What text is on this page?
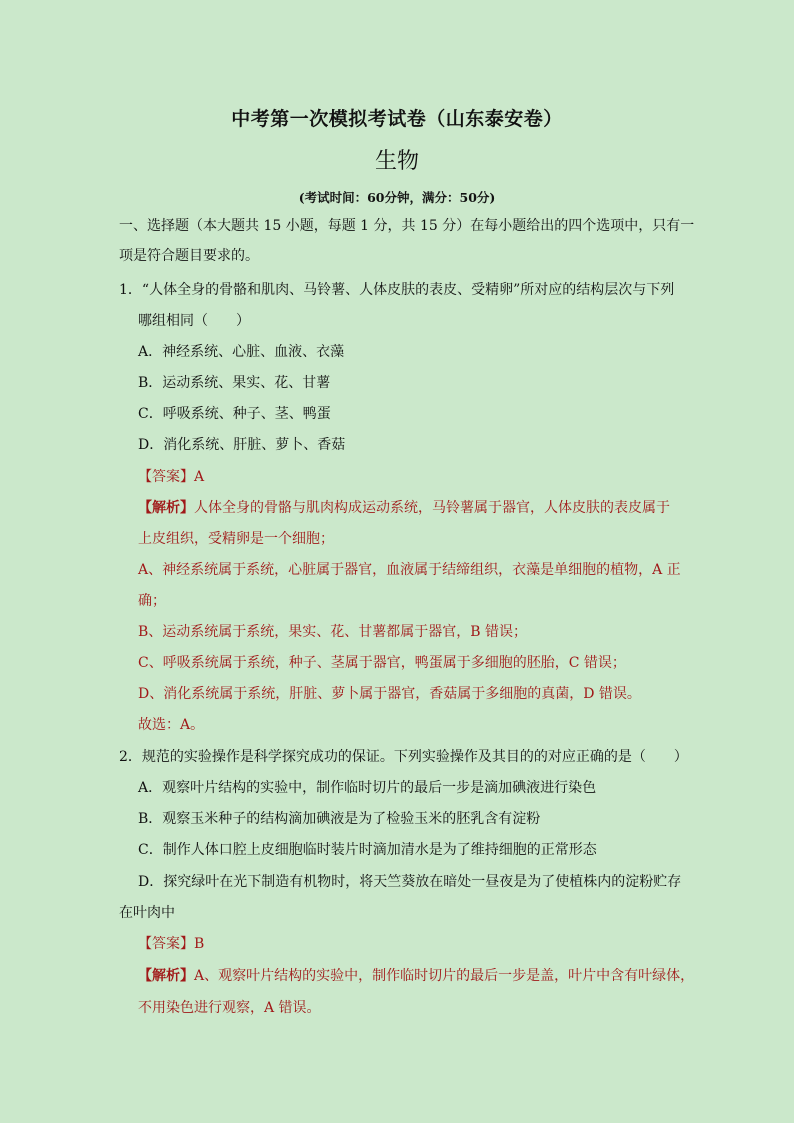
中考第一次模拟考试卷（山东泰安卷）
生物
(考试时间：60分钟，满分：50分)
一、选择题（本大题共 15 小题，每题 1 分，共 15 分）在每小题给出的四个选项中，只有一
项是符合题目要求的。
1．“人体全身的骨骼和肌肉、马铃薯、人体皮肤的表皮、受精卵”所对应的结构层次与下列
哪组相同（　　）
A．神经系统、心脏、血液、衣藻
B．运动系统、果实、花、甘薯
C．呼吸系统、种子、茎、鸭蛋
D．消化系统、肝脏、萝卜、香菇
【答案】A
【解析】人体全身的骨骼与肌肉构成运动系统，马铃薯属于器官，人体皮肤的表皮属于
上皮组织，受精卵是一个细胞；
A、神经系统属于系统，心脏属于器官，血液属于结缔组织，衣藻是单细胞的植物，A 正
确；
B、运动系统属于系统，果实、花、甘薯都属于器官，B 错误；
C、呼吸系统属于系统，种子、茎属于器官，鸭蛋属于多细胞的胚胎，C 错误；
D、消化系统属于系统，肝脏、萝卜属于器官，香菇属于多细胞的真菌，D 错误。
故选：A。
2．规范的实验操作是科学探究成功的保证。下列实验操作及其目的的对应正确的是（　　）
A．观察叶片结构的实验中，制作临时切片的最后一步是滴加碘液进行染色
B．观察玉米种子的结构滴加碘液是为了检验玉米的胚乳含有淀粉
C．制作人体口腔上皮细胞临时装片时滴加清水是为了维持细胞的正常形态
D．探究绿叶在光下制造有机物时，将天竺葵放在暗处一昼夜是为了使植株内的淀粉贮存
在叶肉中
【答案】B
【解析】A、观察叶片结构的实验中，制作临时切片的最后一步是盖，叶片中含有叶绿体，
不用染色进行观察，A 错误。
